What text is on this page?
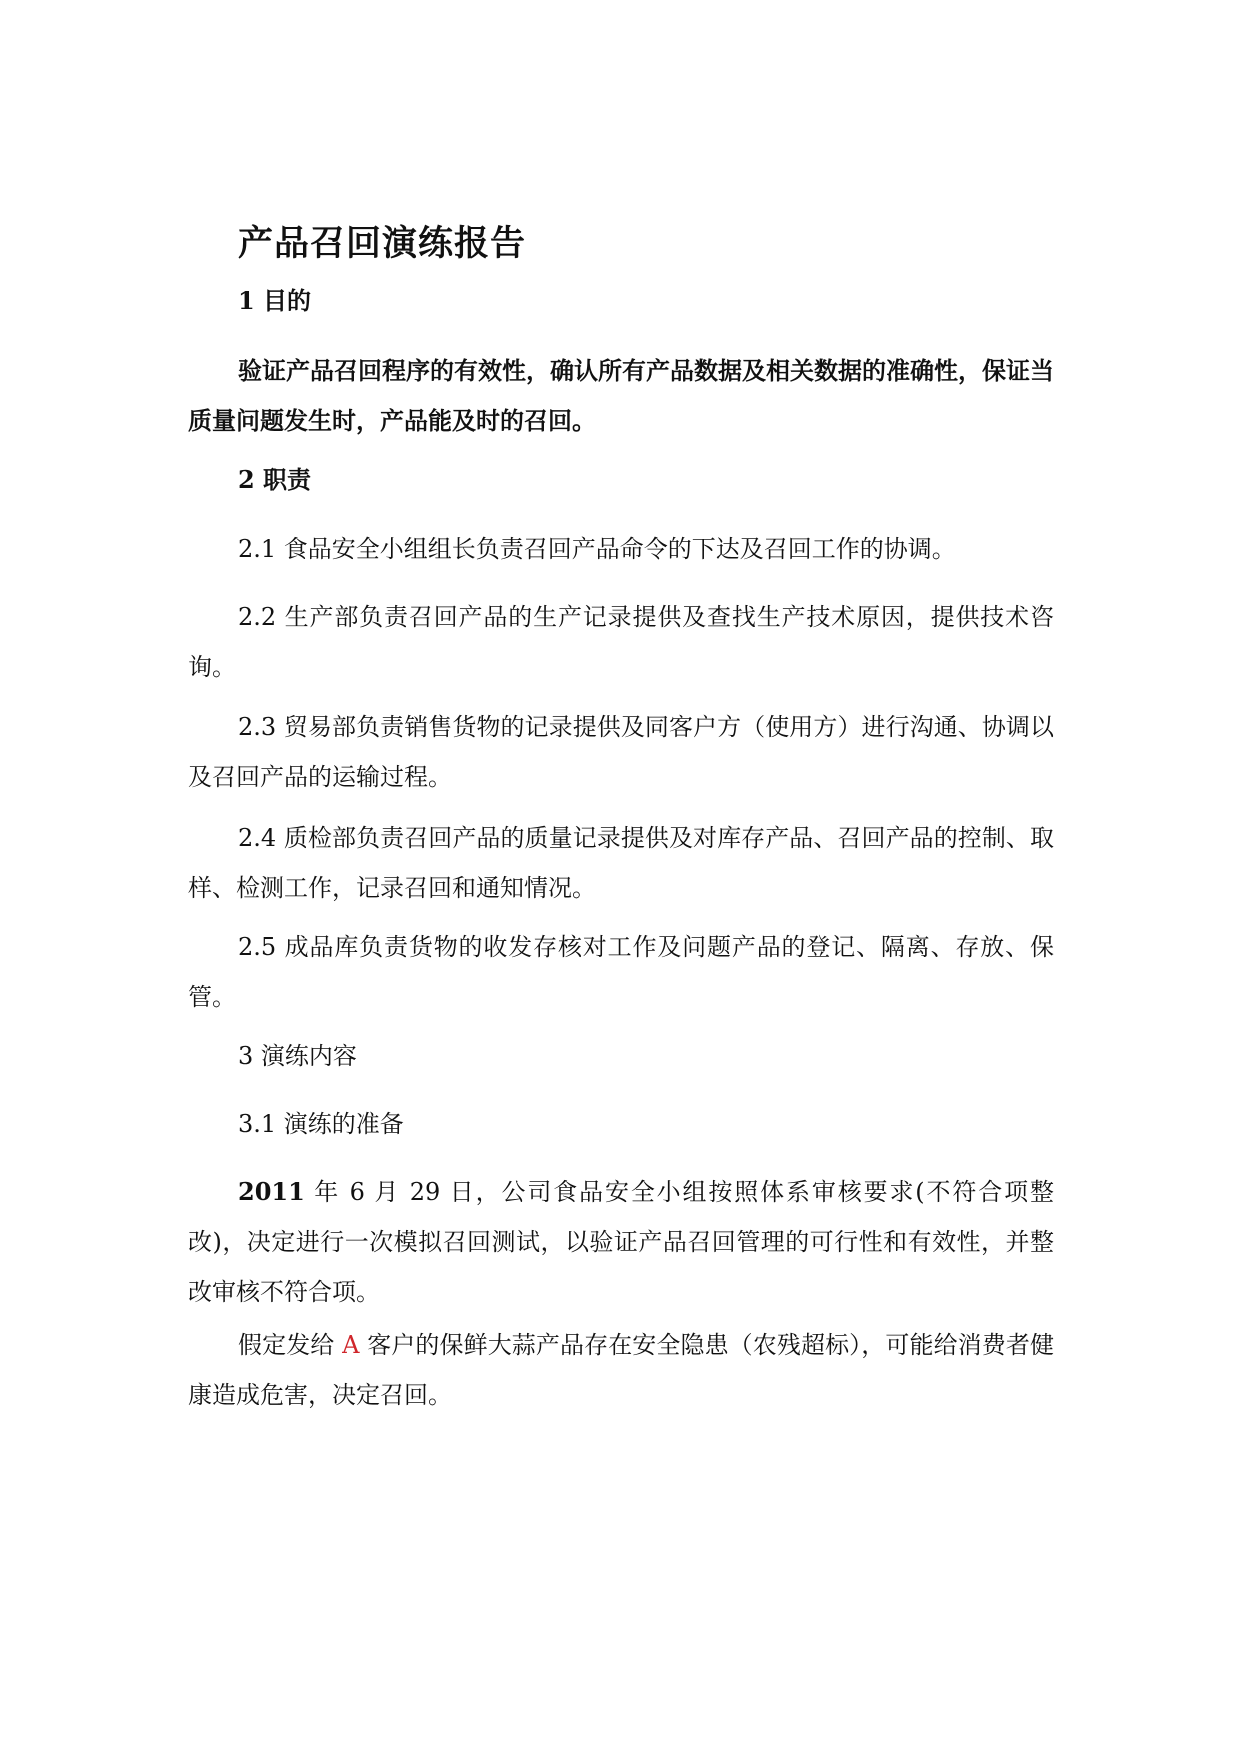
产品召回演练报告
1 目的
验证产品召回程序的有效性，确认所有产品数据及相关数据的准确性，保证当质量问题发生时，产品能及时的召回。
2 职责
2.1 食品安全小组组长负责召回产品命令的下达及召回工作的协调。
2.2 生产部负责召回产品的生产记录提供及查找生产技术原因，提供技术咨询。
2.3 贸易部负责销售货物的记录提供及同客户方（使用方）进行沟通、协调以及召回产品的运输过程。
2.4 质检部负责召回产品的质量记录提供及对库存产品、召回产品的控制、取样、检测工作，记录召回和通知情况。
2.5 成品库负责货物的收发存核对工作及问题产品的登记、隔离、存放、保管。
3 演练内容
3.1 演练的准备
2011 年 6 月 29 日，公司食品安全小组按照体系审核要求(不符合项整改)，决定进行一次模拟召回测试，以验证产品召回管理的可行性和有效性，并整改审核不符合项。
假定发给 A 客户的保鲜大蒜产品存在安全隐患（农残超标），可能给消费者健康造成危害，决定召回。
